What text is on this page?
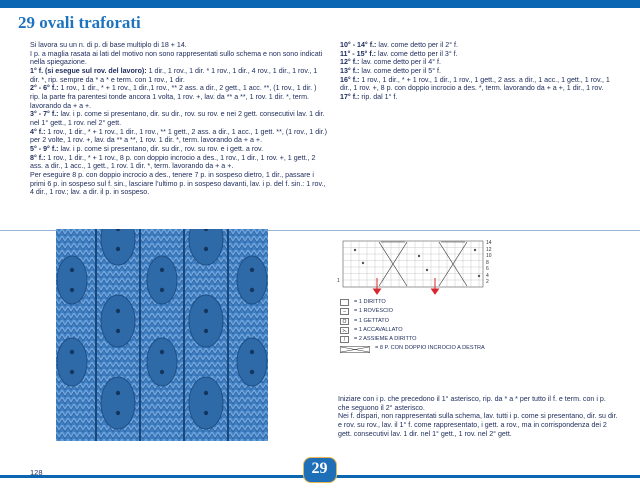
29 ovali traforati

Si lavora su un n. di p. di base multiplo di 18 + 14.

I p. a maglia rasata ai lati del motivo non sono rappresentati sullo schema e non sono indicati nella spiegazione.

1° f. (si esegue sul rov. del lavoro): 1 dir., 1 rov., 1 dir. * 1 rov., 1 dir., 4 rov., 1 dir., 1 rov., 1 dir. *, rip. sempre da * a * e term. con 1 rov., 1 dir.

2° - 6° f.: 1 rov., 1 dir., * + 1 rov., 1 dir.,1 rov., ** 2 ass. a dir., 2 gett., 1 acc. **, (1 rov., 1 dir. ) rip. la parte fra parentesi tonde ancora 1 volta, 1 rov. +, lav. da ** a **, 1 rov. 1 dir. *, term. lavorando da + a +.

3° - 7° f.: lav. i p. come si presentano, dir. su dir., rov. su rov. e nei 2 gett. consecutivi lav. 1 dir. nel 1° gett., 1 rov. nel 2° gett.

4° f.: 1 rov., 1 dir., * + 1 rov., 1 dir., 1 rov., ** 1 gett., 2 ass. a dir., 1 acc., 1 gett. **, (1 rov., 1 dir.) per 2 volte, 1 rov. +, lav. da ** a **, 1 rov. 1 dir. *, term. lavorando da + a +.

5° - 9° f.: lav. i p. come si presentano, dir. su dir., rov. su rov. e i gett. a rov.

8° f.: 1 rov., 1 dir., * + 1 rov., 8 p. con doppio incrocio a des., 1 rov., 1 dir., 1 rov. +, 1 gett., 2 ass. a dir., 1 acc., 1 gett., 1 rov. 1 dir. *, term. lavorando da + a +.

Per eseguire 8 p. con doppio incrocio a des., tenere 7 p. in sospeso dietro, 1 dir., passare i primi 6 p. in sospeso sul f. sin., lasciare l’ultimo p. in sospeso davanti, lav. i p. del f. sin.: 1 rov., 4 dir., 1 rov.; lav. a dir. il p. in sospeso.

10° - 14° f.: lav. come detto per il 2° f.

11° - 15° f.: lav. come detto per il 3° f.

12° f.: lav. come detto per il 4° f.

13° f.: lav. come detto per il 5° f.

16° f.: 1 rov., 1 dir., * + 1 rov., 1 dir., 1 rov., 1 gett., 2 ass. a dir., 1 acc., 1 gett., 1 rov., 1 dir., 1 rov. +, 8 p. con doppio incrocio a des. *, term. lavorando da + a +, 1 dir., 1 rov.

17° f.: rip. dal 1° f.

14
12
10
8
6
4
2
1
= 1 DIRITTO
–	= 1 ROVESCIO
O	= 1 GETTATO
⋋	= 1 ACCAVALLATO
/	= 2 ASSIEME A DIRITTO
= 8 P. CON DOPPIO INCROCIO A DESTRA

Iniziare con i p. che precedono il 1° asterisco, rip. da * a * per tutto il f. e term. con i p. che seguono il 2° asterisco.

Nei f. dispari, non rappresentati sulla schema, lav. tutti i p. come si presentano, dir. su dir. e rov. su rov., lav. il 1° f. come rappresentato, i gett. a rov., ma in corrispondenza dei 2 gett. consecutivi lav. 1 dir. nel 1° gett., 1 rov. nel 2° gett.

29
128
